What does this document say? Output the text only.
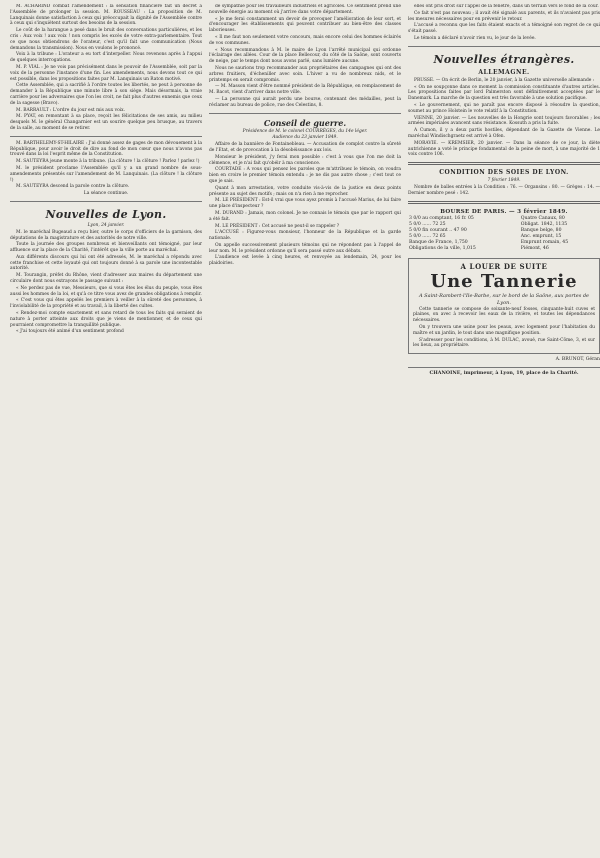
M. ACHARIND combat l'amendement : la sensation financière fait un décret à l'Assemblée de prolonger la session. M. ROUSSEAU : La proposition de M. Lanquinais donne satisfaction à ceux qui préoccupait la dignité de l'Assemblée contre à ceux qui s'inquiètent surtout des besoins de la session.

Le coût de la harangue a pesé dans le bruit des conversations particulières, et les cris : Aux voix ! aux voix ! non compris les excès de votre extra-parlementaire. Tout ce que nous obtiendrons de l'orateur, c'est qu'il fait une communication (Nous demandons la transmission). Nous en voulons le prononcé.

Voix à la tribune : L'orateur a eu tort d'interpeller. Nous revenons après à l'appui de quelques interrogations.

M. P. VIAL : Je ne vois pas précisément dans le pouvoir de l'Assemblée, soit par la voix de la personne l'instance d'une fin. Les amendements, nous devons tout ce qui est possible, dans les propositions faites par M. Lanquinais un Raton motivé.

Cette Assemblée, qui a sacrifié à l'ordre toutes les libertés, ne peut à personne de demander à la République une minute libre à son siège. Mais désormais, la vraie carrière pour les adversaires que l'on les croit, ne fait plus d'autres ennemis que ceux de la sagesse (Bravo).

M. BARRAULT : L'ordre du jour est mis aux voix.

M. PYAT, en remontant à sa place, reçoit les félicitations de ses amis, au milieu desquels M. le général Changarnier est un sourire quelque peu brusque, au travers de la salle, au moment de se retirer.

M. BARTHELEMY-ST-HILAIRE : J'ai donné assez de gages de mon dévouement à la République, pour avoir le droit de dire au fond de mon cœur que nous n'avons pas trouvé dans la loi l'esprit même de la Constitution.

M. SAUTEYRA jeune monte à la tribune. (La clôture ! la clôture ! Parlez ! parlez !)

M. le président proclame l'Assemblée qu'il y a un grand nombre de sous-amendements présentés sur l'amendement de M. Lanquinais. (La clôture ! la clôture !)

M. SAUTEYRA descend la parole contre la clôture.

La séance continue.

Nouvelles de Lyon.

Lyon, 24 janvier.

M. le maréchal Bugeaud a reçu hier, outre le corps d'officiers de la garnison, des députations de la magistrature et des autorités de notre ville.

Toute la journée des groupes nombreux et bienveillants ont témoigné, par leur affluence sur la place de la Charité, l'intérêt que la ville porte au maréchal.

Aux différents discours qui lui ont été adressés, M. le maréchal a répondu avec cette franchise et cette loyauté qui ont toujours donné à sa parole une incontestable autorité.

M. Tourangin, préfet du Rhône, vient d'adresser aux maires du département une circulaire dont nous extrayons le passage suivant :

« Ne perdez pas de vue, Messieurs, que si vous êtes les élus du peuple, vous êtes aussi les hommes de la loi, et qu'à ce titre vous avez de grandes obligations à remplir.

« C'est vous qui êtes appelés les premiers à veiller à la sûreté des personnes, à l'inviolabilité de la propriété et au travail, à la liberté des cultes.

« Rendez-moi compte exactement et sans retard de tous les faits qui seraient de nature à porter atteinte aux droits que je viens de mentionner, et de ceux qui pourraient compromettre la tranquillité publique.

« J'ai toujours été animé d'un sentiment profond

de sympathie pour les travailleurs industriels et agricoles. Ce sentiment prend une nouvelle énergie au moment où j'arrive dans votre département.

« Je me ferai constamment un devoir de provoquer l'amélioration de leur sort, et d'encourager les établissements qui peuvent contribuer au bien-être des classes laborieuses.

« Il me faut non seulement votre concours, mais encore celui des hommes éclairés de vos communes.

« Nous recommandons à M. le maire de Lyon l'arrêté municipal qui ordonne l'éclairage des allées. Cour de la place Bellecour, du côté de la Saône, sont couverts de neige, par le temps dont nous avons parlé, sans lumière aucune.

Nous ne saurions trop recommander aux propriétaires des campagnes qui ont des arbres fruitiers, d'écheniller avec soin. L'hiver a vu de nombreux nids, et le printemps en serait compromis.

— M. Masson vient d'être nommé président de la République, en remplacement de M. Bacot, vient d'arriver dans notre ville.

— La personne qui aurait perdu une bourse, contenant des médailles, peut la réclamer au bureau de police, rue des Celestins, 8.

Conseil de guerre.

Présidence de M. le colonel COURRÈGES, du 14e léger.

Audience du 23 janvier 1849.

Affaire de la bannière de Fontainebleau. — Accusation de complot contre la sûreté de l'Etat, et de provocation à la désobéissance aux lois.

Monsieur le président, j'y ferai mon possible : c'est à vous que l'on me doit la clémence, et je n'ai fait qu'obéir à ma conscience.

COURTADE : A vous qui pensez les paroles que m'attribuez le témoin, on voudra bien en croire le premier témoin entendu : je ne dis pas autre chose ; c'est tout ce que je sais.

Quant à mon arrestation, votre conduite vis-à-vis de la justice en deux points présente au sujet des motifs ; mais on n'a rien à me reprocher.

M. LE PRÉSIDENT : Est-il vrai que vous ayez promis à l'accusé Marius, de lui faire une place d'inspecteur ?

M. DURAND : Jamais, mon colonel. Je ne connais le témoin que par le rapport qui a été fait.

M. LE PRÉSIDENT : Cet accusé ne peut-il se rappeler ?

L'ACCUSÉ : Figurez-vous monsieur, l'honneur de la République et la garde nationale.

On appelle successivement plusieurs témoins qui ne répondent pas à l'appel de leur nom. M. le président ordonne qu'il sera passé outre aux débats.

L'audience est levée à cinq heures, et renvoyée au lendemain, 24, pour les plaidoiries.

elles ont pris droit sur l'appel de la fenêtre, dans un terrain vers le fond de la cour.

Ce fait n'est pas nouveau ; il avait été signalé aux parents, et ils n'avaient pas pris les mesures nécessaires pour en prévenir le retour.

L'accusé a reconnu que les faits étaient exacts et a témoigné son regret de ce qui s'était passé.

Le témoin a déclaré n'avoir rien vu, le jour de la levée.

Nouvelles étrangères.
ALLEMAGNE.

PRUSSE. — On écrit de Berlin, le 20 janvier, à la Gazette universelle allemande :

« On ne soupçonne dans ce moment la commission constituante d'autres articles. Les propositions faites par lord Palmerston sont définitivement acceptées par le Danemark. La marche de la question est très favorable à une solution pacifique.

« Le gouvernement, qui ne paraît pas encore disposé à résoudre la question, soumet au prince Holstein le vote relatif à la Constitution.

VIENNE, 20 janvier. — Les nouvelles de la Hongrie sont toujours favorables ; les armées impériales avancent sans résistance. Kossuth a pris la fuite.

A Cumon, il y a deux partis hostiles, dépendant de la Gazette de Vienne. Le maréchal Windischgraetz est arrivé à Ofen.

MORAVIE. — KREMSIER, 20 janvier. — Dans la séance de ce jour, la diète autrichienne a voté le principe fondamental de la peine de mort, à une majorité de 1 voix contre 106.

CONDITION DES SOIES DE LYON.

7 février 1849.

Nombre de balles entrées à la Condition : 76. — Organsins : 80. — Grèges : 14. — Dernier nombre pesé : 142.

BOURSE DE PARIS. — 3 février 1849.
3 0/0 au comptant, 16 fr. 05	Quatre Canaux, 80
5 0/0 ...... 72 25	Obligat. 1842, 1135
5 0/0 fin courant .. 47 90	Banque belge, 80
5 0/0 ...... 72 65	Anc. emprunt, 15
Banque de France, 1,750	Emprunt romain, 45
Obligations de la ville, 1,015	Piémont, 46
A LOUER DE SUITE
Une Tannerie
A Saint-Rambert-l'Ile-Barbe, sur le bord de la Saône, aux portes de Lyon.

Cette tannerie se compose de soixante-neuf fosses, cinquante-huit cuves et plaines, on avec à recevoir les eaux de la rivière, et toutes les dépendances nécessaires.

On y trouvera une usine pour les peaux, avec logement pour l'habitation du maître et un jardin, le tout dans une magnifique position.

S'adresser pour les conditions, à M. DULAC, avoué, rue Saint-Côme, 3, et sur les lieux, au propriétaire.

A. BRUNOT, Géran
CHANOINE, imprimeur, à Lyon, 19, place de la Charité.
